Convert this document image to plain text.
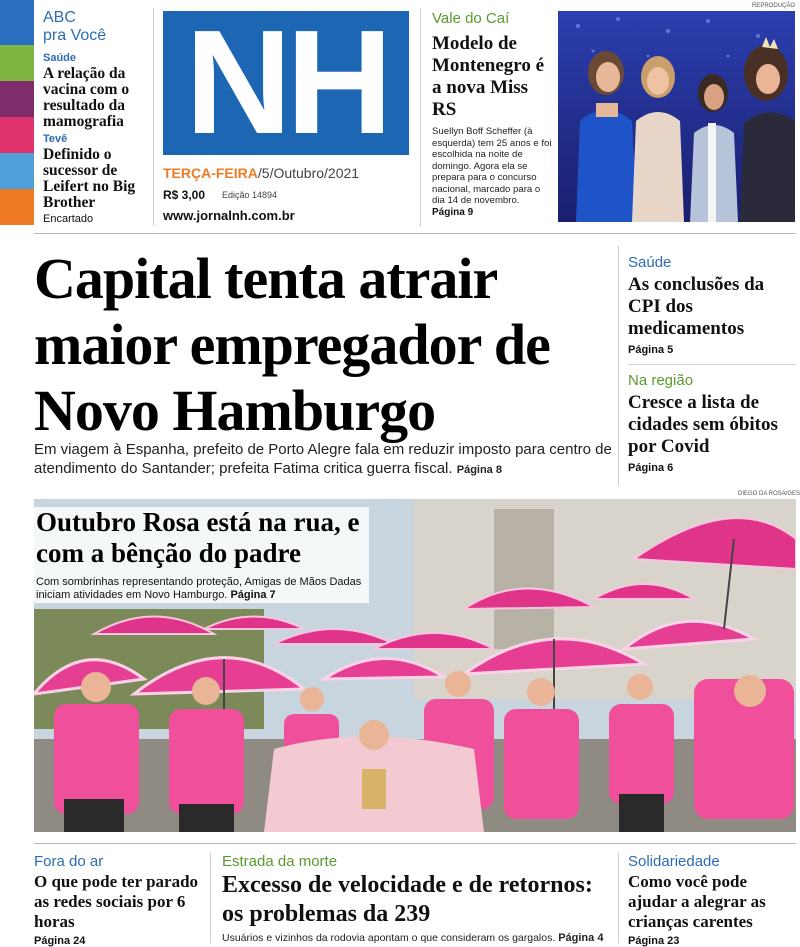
ABC
pra Você
Saúde
A relação da vacina com o resultado da mamografia
Tevê
Definido o sucessor de Leifert no Big Brother
Encartado
NH
TERÇA-FEIRA/5/Outubro/2021
R$ 3,00 Edição 14894
www.jornalnh.com.br
Vale do Caí
Modelo de Montenegro é a nova Miss RS
Suellyn Boff Scheffer (à esquerda) tem 25 anos e foi escolhida na noite de domingo. Agora ela se prepara para o concurso nacional, marcado para o dia 14 de novembro.
Página 9
REPRODUÇÃO
Capital tenta atrair maior empregador de Novo Hamburgo
Em viagem à Espanha, prefeito de Porto Alegre fala em reduzir imposto para centro de atendimento do Santander; prefeita Fatima critica guerra fiscal. Página 8
Saúde
As conclusões da CPI dos medicamentos
Página 5
Na região
Cresce a lista de cidades sem óbitos por Covid
Página 6
DIEGO DA ROSA/GES
Outubro Rosa está na rua, e com a bênção do padre
Com sombrinhas representando proteção, Amigas de Mãos Dadas iniciam atividades em Novo Hamburgo. Página 7
Fora do ar
O que pode ter parado as redes sociais por 6 horas
Página 24
Estrada da morte
Excesso de velocidade e de retornos: os problemas da 239
Usuários e vizinhos da rodovia apontam o que consideram os gargalos. Página 4
Solidariedade
Como você pode ajudar a alegrar as crianças carentes
Página 23
